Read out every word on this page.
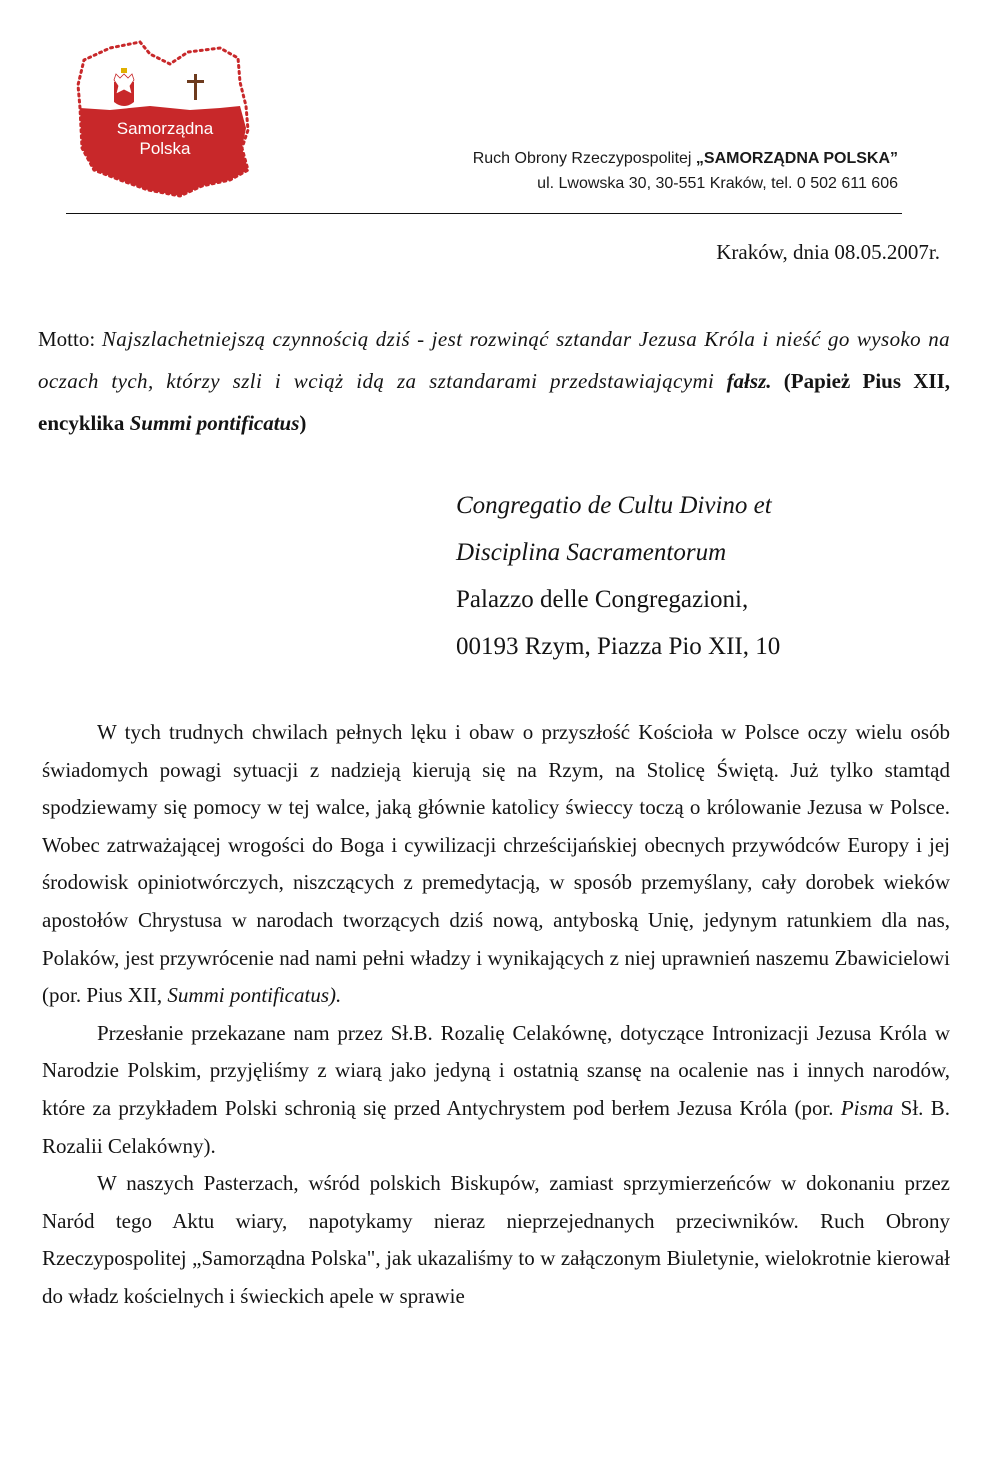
Samorządna
Polska
Ruch Obrony Rzeczypospolitej „SAMORZĄDNA POLSKA”
ul. Lwowska 30, 30-551 Kraków, tel. 0 502 611 606
Kraków, dnia 08.05.2007r.
Motto: Najszlachetniejszą czynnością dziś - jest rozwinąć sztandar Jezusa Króla i nieść go wysoko na oczach tych, którzy szli i wciąż idą za sztandarami przedstawiającymi fałsz. (Papież Pius XII, encyklika Summi pontificatus)
Congregatio de Cultu Divino et
Disciplina Sacramentorum
Palazzo delle Congregazioni,
00193 Rzym, Piazza Pio XII, 10

W tych trudnych chwilach pełnych lęku i obaw o przyszłość Kościoła w Polsce oczy wielu osób świadomych powagi sytuacji z nadzieją kierują się na Rzym, na Stolicę Świętą. Już tylko stamtąd spodziewamy się pomocy w tej walce, jaką głównie katolicy świeccy toczą o królowanie Jezusa w Polsce. Wobec zatrważającej wrogości do Boga i cywilizacji chrześcijańskiej obecnych przywódców Europy i jej środowisk opiniotwórczych, niszczących z premedytacją, w sposób przemyślany, cały dorobek wieków apostołów Chrystusa w narodach tworzących dziś nową, antyboską Unię, jedynym ratunkiem dla nas, Polaków, jest przywrócenie nad nami pełni władzy i wynikających z niej uprawnień naszemu Zbawicielowi (por. Pius XII, Summi pontificatus).

Przesłanie przekazane nam przez Sł.B. Rozalię Celakównę, dotyczące Intronizacji Jezusa Króla w Narodzie Polskim, przyjęliśmy z wiarą jako jedyną i ostatnią szansę na ocalenie nas i innych narodów, które za przykładem Polski schronią się przed Antychrystem pod berłem Jezusa Króla (por. Pisma Sł. B. Rozalii Celakówny).

W naszych Pasterzach, wśród polskich Biskupów, zamiast sprzymierzeńców w dokonaniu przez Naród tego Aktu wiary, napotykamy nieraz nieprzejednanych przeciwników. Ruch Obrony Rzeczypospolitej „Samorządna Polska", jak ukazaliśmy to w załączonym Biuletynie, wielokrotnie kierował do władz kościelnych i świeckich apele w sprawie
